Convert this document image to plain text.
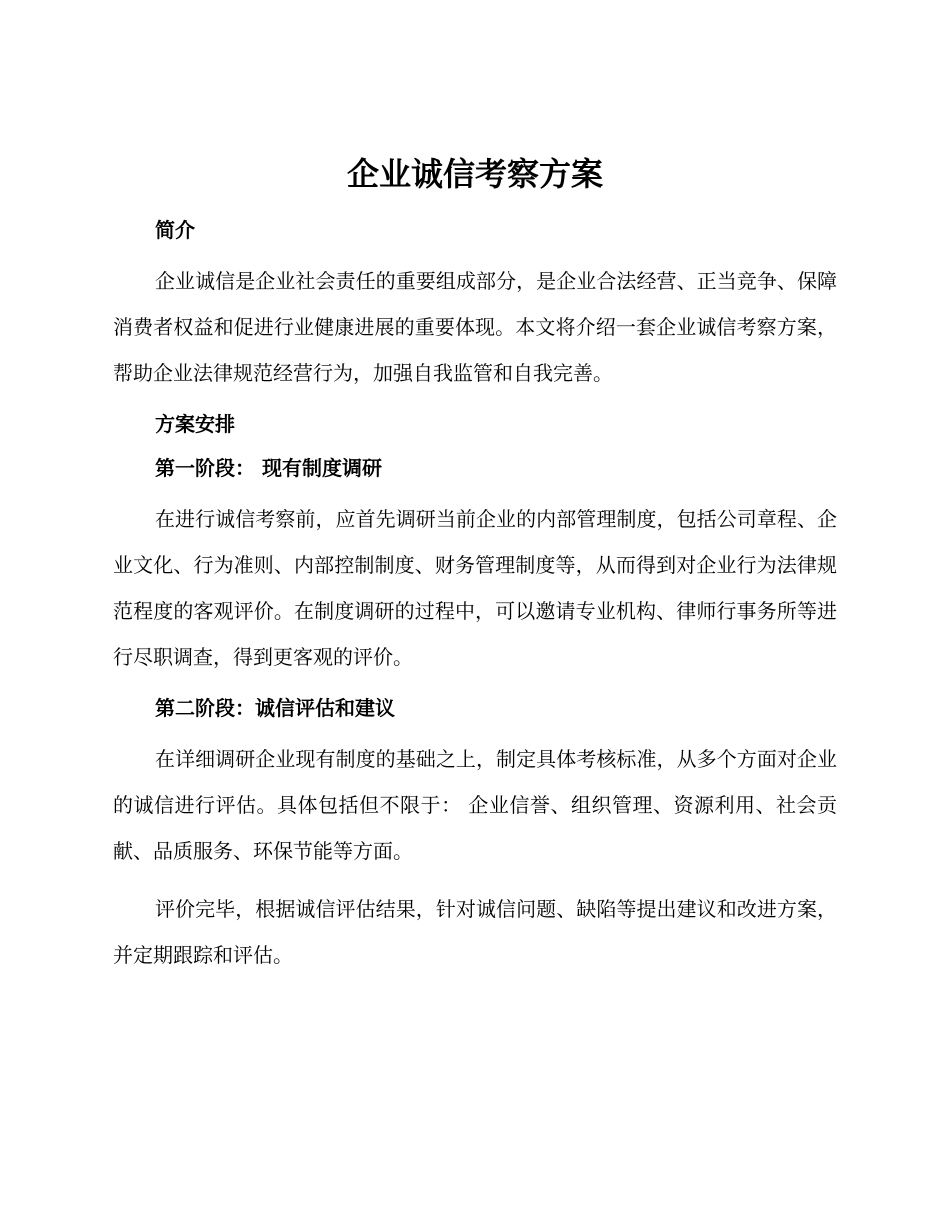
企业诚信考察方案
简介

企业诚信是企业社会责任的重要组成部分，是企业合法经营、正当竞争、保障消费者权益和促进行业健康进展的重要体现。本文将介绍一套企业诚信考察方案，帮助企业法律规范经营行为，加强自我监管和自我完善。

方案安排
第一阶段： 现有制度调研

在进行诚信考察前，应首先调研当前企业的内部管理制度，包括公司章程、企业文化、行为准则、内部控制制度、财务管理制度等，从而得到对企业行为法律规范程度的客观评价。在制度调研的过程中，可以邀请专业机构、律师行事务所等进行尽职调查，得到更客观的评价。

第二阶段：诚信评估和建议

在详细调研企业现有制度的基础之上，制定具体考核标准，从多个方面对企业的诚信进行评估。具体包括但不限于： 企业信誉、组织管理、资源利用、社会贡献、品质服务、环保节能等方面。

评价完毕，根据诚信评估结果，针对诚信问题、缺陷等提出建议和改进方案，并定期跟踪和评估。
